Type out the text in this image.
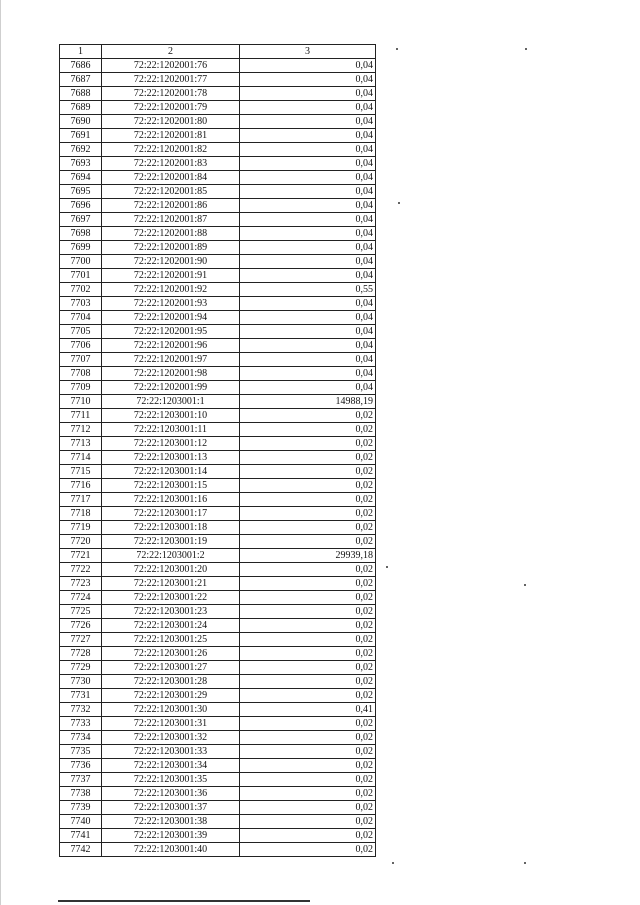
1	2	3
7686	72:22:1202001:76	0,04
7687	72:22:1202001:77	0,04
7688	72:22:1202001:78	0,04
7689	72:22:1202001:79	0,04
7690	72:22:1202001:80	0,04
7691	72:22:1202001:81	0,04
7692	72:22:1202001:82	0,04
7693	72:22:1202001:83	0,04
7694	72:22:1202001:84	0,04
7695	72:22:1202001:85	0,04
7696	72:22:1202001:86	0,04
7697	72:22:1202001:87	0,04
7698	72:22:1202001:88	0,04
7699	72:22:1202001:89	0,04
7700	72:22:1202001:90	0,04
7701	72:22:1202001:91	0,04
7702	72:22:1202001:92	0,55
7703	72:22:1202001:93	0,04
7704	72:22:1202001:94	0,04
7705	72:22:1202001:95	0,04
7706	72:22:1202001:96	0,04
7707	72:22:1202001:97	0,04
7708	72:22:1202001:98	0,04
7709	72:22:1202001:99	0,04
7710	72:22:1203001:1	14988,19
7711	72:22:1203001:10	0,02
7712	72:22:1203001:11	0,02
7713	72:22:1203001:12	0,02
7714	72:22:1203001:13	0,02
7715	72:22:1203001:14	0,02
7716	72:22:1203001:15	0,02
7717	72:22:1203001:16	0,02
7718	72:22:1203001:17	0,02
7719	72:22:1203001:18	0,02
7720	72:22:1203001:19	0,02
7721	72:22:1203001:2	29939,18
7722	72:22:1203001:20	0,02
7723	72:22:1203001:21	0,02
7724	72:22:1203001:22	0,02
7725	72:22:1203001:23	0,02
7726	72:22:1203001:24	0,02
7727	72:22:1203001:25	0,02
7728	72:22:1203001:26	0,02
7729	72:22:1203001:27	0,02
7730	72:22:1203001:28	0,02
7731	72:22:1203001:29	0,02
7732	72:22:1203001:30	0,41
7733	72:22:1203001:31	0,02
7734	72:22:1203001:32	0,02
7735	72:22:1203001:33	0,02
7736	72:22:1203001:34	0,02
7737	72:22:1203001:35	0,02
7738	72:22:1203001:36	0,02
7739	72:22:1203001:37	0,02
7740	72:22:1203001:38	0,02
7741	72:22:1203001:39	0,02
7742	72:22:1203001:40	0,02
